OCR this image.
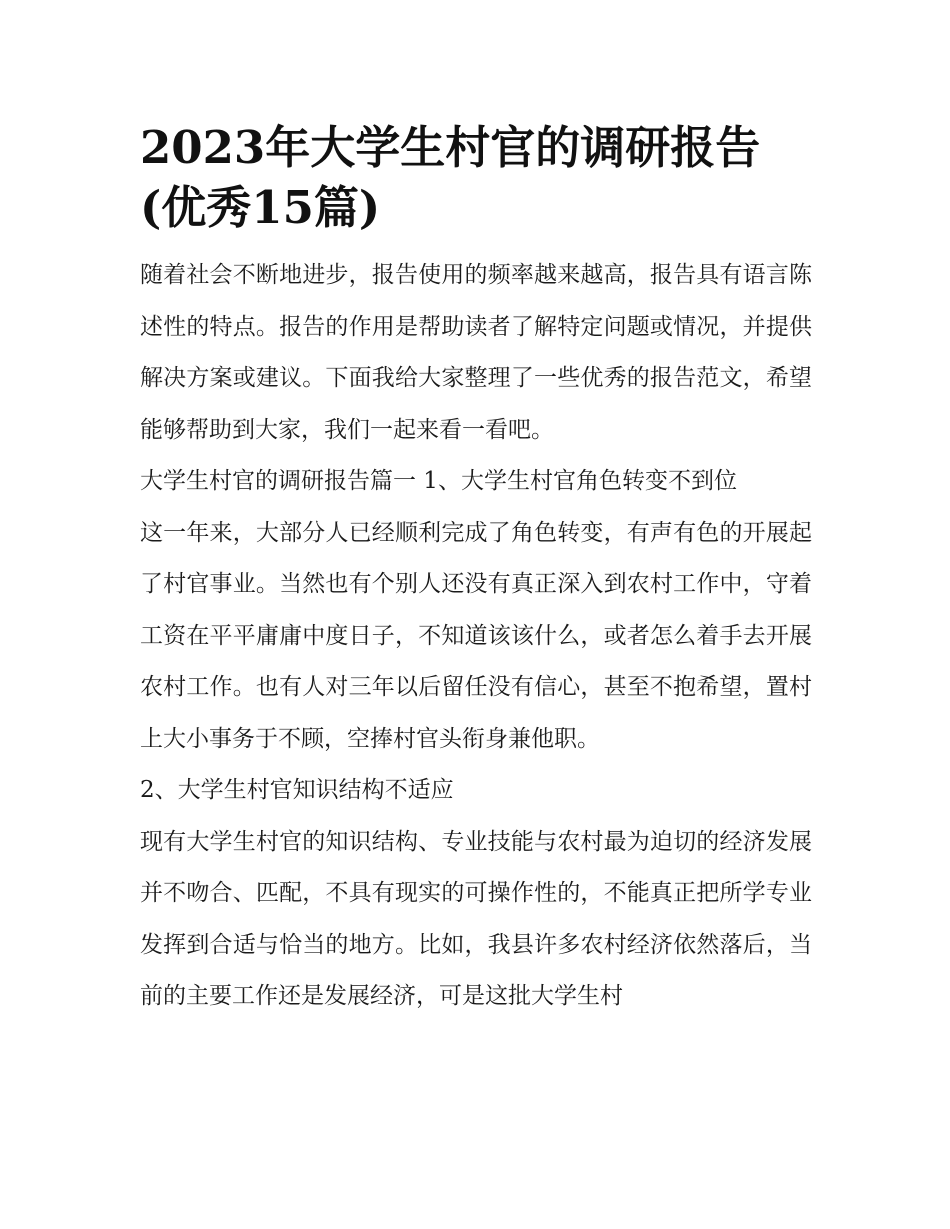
2023年大学生村官的调研报告
(优秀15篇)

随着社会不断地进步，报告使用的频率越来越高，报告具有语言陈述性的特点。报告的作用是帮助读者了解特定问题或情况，并提供解决方案或建议。下面我给大家整理了一些优秀的报告范文，希望能够帮助到大家，我们一起来看一看吧。

大学生村官的调研报告篇一 1、大学生村官角色转变不到位

这一年来，大部分人已经顺利完成了角色转变，有声有色的开展起了村官事业。当然也有个别人还没有真正深入到农村工作中，守着工资在平平庸庸中度日子，不知道该该什么，或者怎么着手去开展农村工作。也有人对三年以后留任没有信心，甚至不抱希望，置村上大小事务于不顾，空捧村官头衔身兼他职。

2、大学生村官知识结构不适应

现有大学生村官的知识结构、专业技能与农村最为迫切的经济发展并不吻合、匹配，不具有现实的可操作性的，不能真正把所学专业发挥到合适与恰当的地方。比如，我县许多农村经济依然落后，当前的主要工作还是发展经济，可是这批大学生村
